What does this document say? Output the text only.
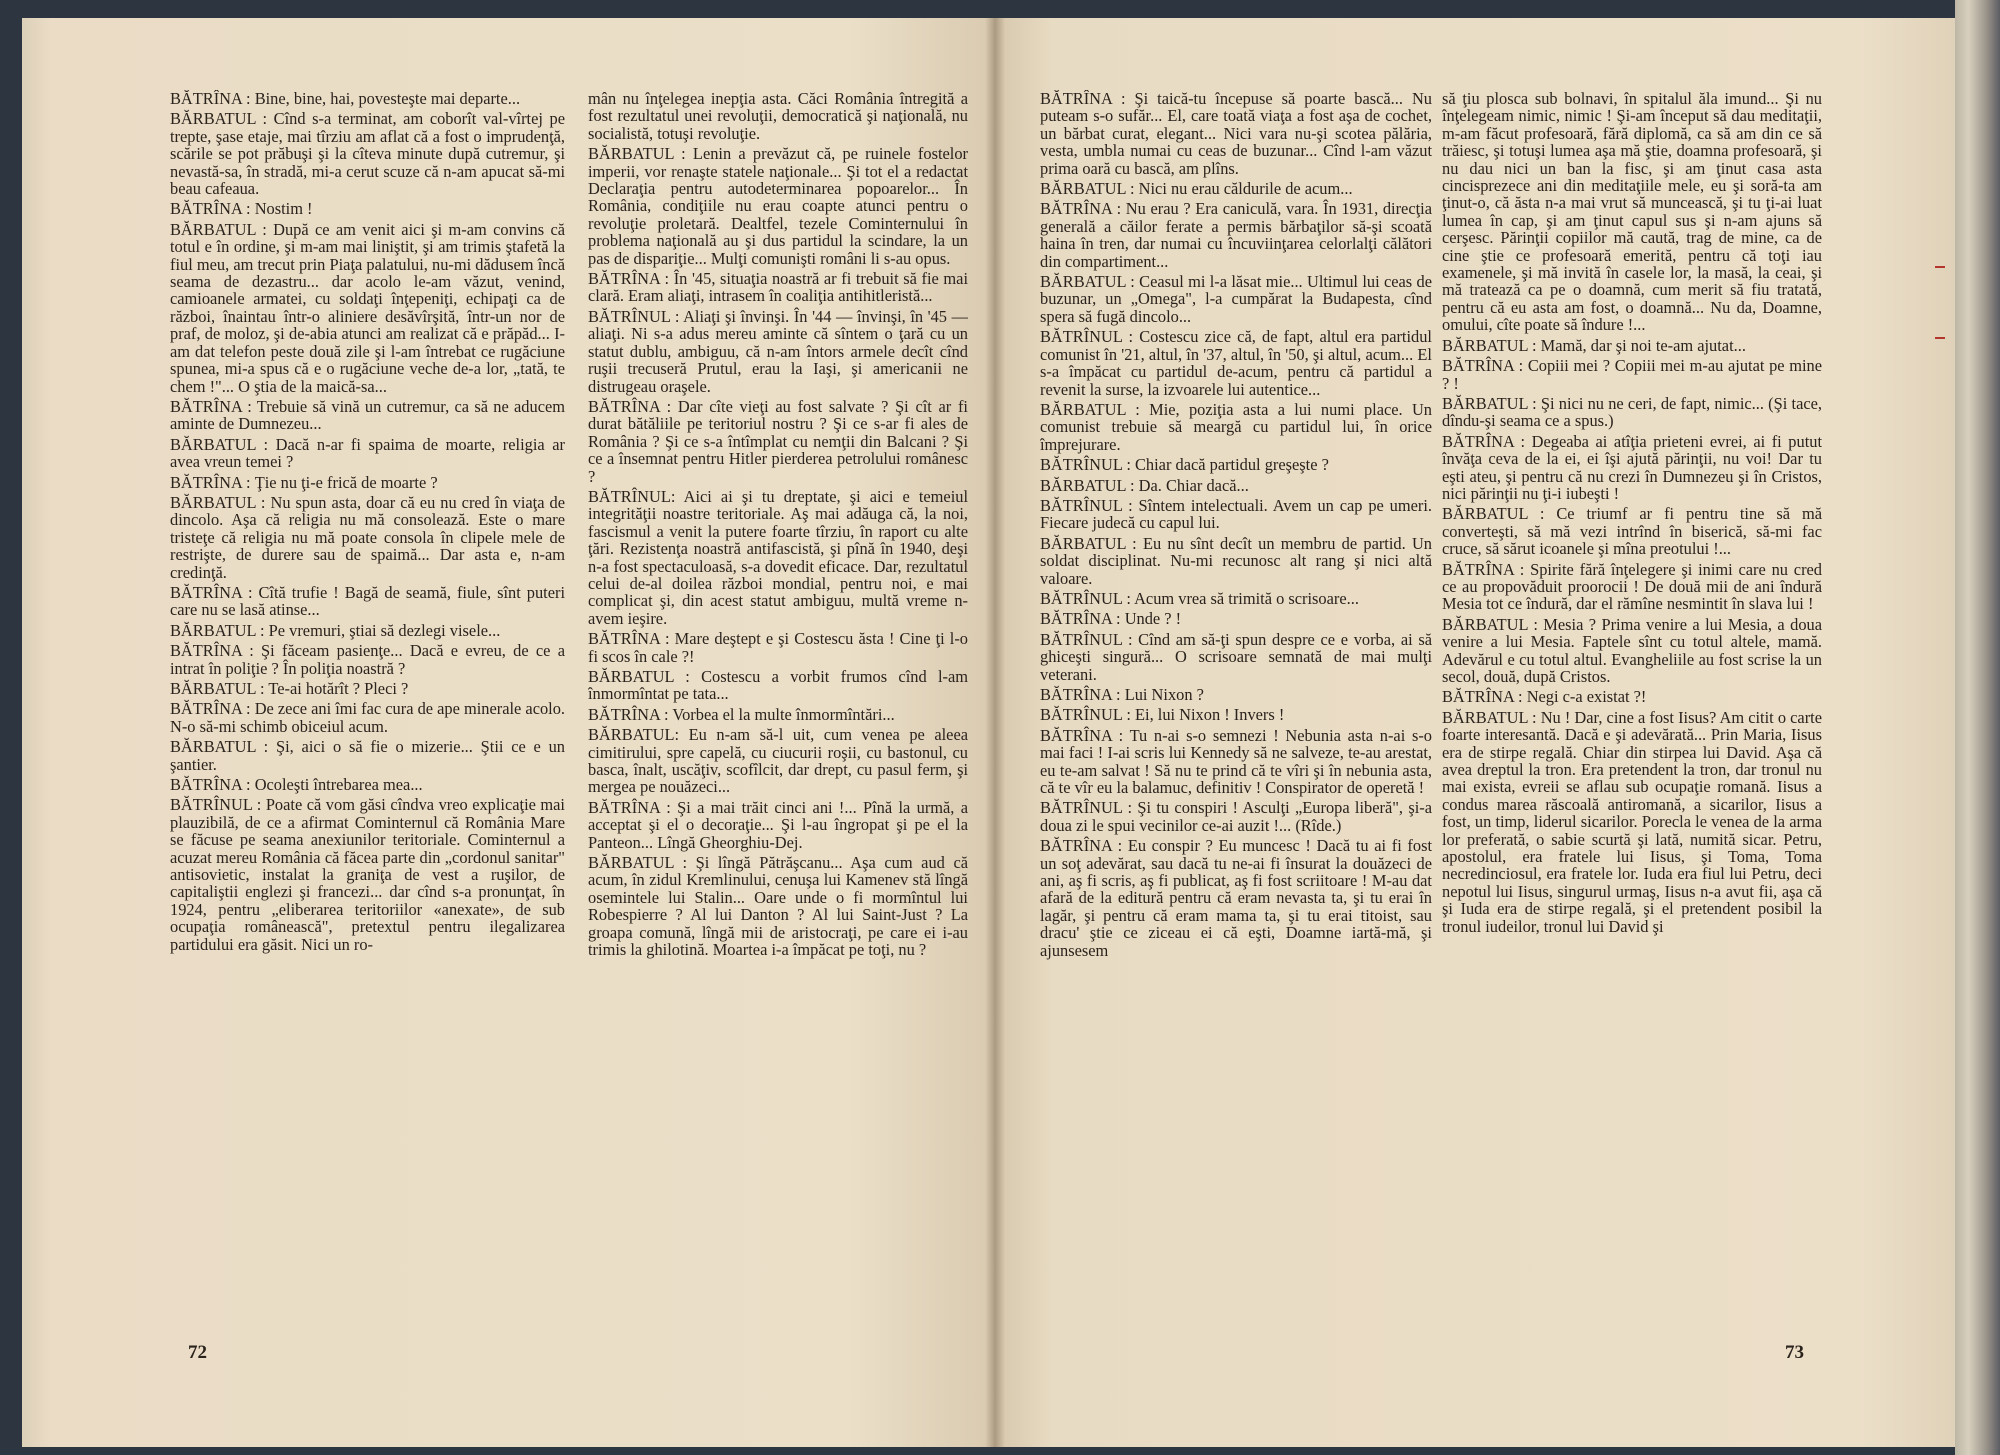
BĂTRÎNA : Bine, bine, hai, povesteşte mai departe...

BĂRBATUL : Cînd s-a terminat, am coborît val-vîrtej pe trepte, şase etaje, mai tîrziu am aflat că a fost o imprudenţă, scările se pot prăbuşi şi la cîteva minute după cutremur, şi nevastă-sa, în stradă, mi-a cerut scuze că n-am apucat să-mi beau cafeaua.

BĂTRÎNA : Nostim !

BĂRBATUL : După ce am venit aici şi m-am convins că totul e în ordine, şi m-am mai liniştit, şi am trimis ştafetă la fiul meu, am trecut prin Piaţa palatului, nu-mi dădusem încă seama de dezastru... dar acolo le-am văzut, venind, camioanele armatei, cu soldaţi înţepeniţi, echipaţi ca de război, înaintau într-o aliniere desăvîrşită, într-un nor de praf, de moloz, şi de-abia atunci am realizat că e prăpăd... I-am dat telefon peste două zile şi l-am întrebat ce rugăciune spunea, mi-a spus că e o rugăciune veche de-a lor, „tată, te chem !"... O ştia de la maică-sa...

BĂTRÎNA : Trebuie să vină un cutremur, ca să ne aducem aminte de Dumnezeu...

BĂRBATUL : Dacă n-ar fi spaima de moarte, religia ar avea vreun temei ?

BĂTRÎNA : Ţie nu ţi-e frică de moarte ?

BĂRBATUL : Nu spun asta, doar că eu nu cred în viaţa de dincolo. Aşa că religia nu mă consolează. Este o mare tristeţe că religia nu mă poate consola în clipele mele de restrişte, de durere sau de spaimă... Dar asta e, n-am credinţă.

BĂTRÎNA : Cîtă trufie ! Bagă de seamă, fiule, sînt puteri care nu se lasă atinse...

BĂRBATUL : Pe vremuri, ştiai să dezlegi visele...

BĂTRÎNA : Şi făceam pasienţe... Dacă e evreu, de ce a intrat în poliţie ? În poliţia noastră ?

BĂRBATUL : Te-ai hotărît ? Pleci ?

BĂTRÎNA : De zece ani îmi fac cura de ape minerale acolo. N-o să-mi schimb obiceiul acum.

BĂRBATUL : Şi, aici o să fie o mizerie... Ştii ce e un şantier.

BĂTRÎNA : Ocoleşti întrebarea mea...

BĂTRÎNUL : Poate că vom găsi cîndva vreo explicaţie mai plauzibilă, de ce a afirmat Cominternul că România Mare se făcuse pe seama anexiunilor teritoriale. Cominternul a acuzat mereu România că făcea parte din „cordonul sanitar" antisovietic, instalat la graniţa de vest a ruşilor, de capitaliştii englezi şi francezi... dar cînd s-a pronunţat, în 1924, pentru „eliberarea teritoriilor «anexate», de sub ocupaţia românească", pretextul pentru ilegalizarea partidului era găsit. Nici un ro-

mân nu înţelegea inepţia asta. Căci România întregită a fost rezultatul unei revoluţii, democratică şi naţională, nu socialistă, totuşi revoluţie.

BĂRBATUL : Lenin a prevăzut că, pe ruinele fostelor imperii, vor renaşte statele naţionale... Şi tot el a redactat Declaraţia pentru autodeterminarea popoarelor... În România, condiţiile nu erau coapte atunci pentru o revoluţie proletară. Dealtfel, tezele Cominternului în problema naţională au şi dus partidul la scindare, la un pas de dispariţie... Mulţi comunişti români li s-au opus.

BĂTRÎNA : În '45, situaţia noastră ar fi trebuit să fie mai clară. Eram aliaţi, intrasem în coaliţia antihitleristă...

BĂTRÎNUL : Aliaţi şi învinşi. În '44 — învinşi, în '45 — aliaţi. Ni s-a adus mereu aminte că sîntem o ţară cu un statut dublu, ambiguu, că n-am întors armele decît cînd ruşii trecuseră Prutul, erau la Iaşi, şi americanii ne distrugeau oraşele.

BĂTRÎNA : Dar cîte vieţi au fost salvate ? Şi cît ar fi durat bătăliile pe teritoriul nostru ? Şi ce s-ar fi ales de România ? Şi ce s-a întîmplat cu nemţii din Balcani ? Şi ce a însemnat pentru Hitler pierderea petrolului românesc ?

BĂTRÎNUL: Aici ai şi tu dreptate, şi aici e temeiul integrităţii noastre teritoriale. Aş mai adăuga că, la noi, fascismul a venit la putere foarte tîrziu, în raport cu alte ţări. Rezistenţa noastră antifascistă, şi pînă în 1940, deşi n-a fost spectaculoasă, s-a dovedit eficace. Dar, rezultatul celui de-al doilea război mondial, pentru noi, e mai complicat şi, din acest statut ambiguu, multă vreme n-avem ieşire.

BĂTRÎNA : Mare deştept e şi Costescu ăsta ! Cine ţi l-o fi scos în cale ?!

BĂRBATUL : Costescu a vorbit frumos cînd l-am înmormîntat pe tata...

BĂTRÎNA : Vorbea el la multe înmormîntări...

BĂRBATUL: Eu n-am să-l uit, cum venea pe aleea cimitirului, spre capelă, cu ciucurii roşii, cu bastonul, cu basca, înalt, uscăţiv, scofîlcit, dar drept, cu pasul ferm, şi mergea pe nouăzeci...

BĂTRÎNA : Şi a mai trăit cinci ani !... Pînă la urmă, a acceptat şi el o decoraţie... Şi l-au îngropat şi pe el la Panteon... Lîngă Gheorghiu-Dej.

BĂRBATUL : Şi lîngă Pătrăşcanu... Aşa cum aud că acum, în zidul Kremlinului, cenuşa lui Kamenev stă lîngă osemintele lui Stalin... Oare unde o fi mormîntul lui Robespierre ? Al lui Danton ? Al lui Saint-Just ? La groapa comună, lîngă mii de aristocraţi, pe care ei i-au trimis la ghilotină. Moartea i-a împăcat pe toţi, nu ?

BĂTRÎNA : Şi taică-tu începuse să poarte bască... Nu puteam s-o sufăr... El, care toată viaţa a fost aşa de cochet, un bărbat curat, elegant... Nici vara nu-şi scotea pălăria, vesta, umbla numai cu ceas de buzunar... Cînd l-am văzut prima oară cu bască, am plîns.

BĂRBATUL : Nici nu erau căldurile de acum...

BĂTRÎNA : Nu erau ? Era caniculă, vara. În 1931, direcţia generală a căilor ferate a permis bărbaţilor să-şi scoată haina în tren, dar numai cu încuviinţarea celorlalţi călători din compartiment...

BĂRBATUL : Ceasul mi l-a lăsat mie... Ultimul lui ceas de buzunar, un „Omega", l-a cumpărat la Budapesta, cînd spera să fugă dincolo...

BĂTRÎNUL : Costescu zice că, de fapt, altul era partidul comunist în '21, altul, în '37, altul, în '50, şi altul, acum... El s-a împăcat cu partidul de-acum, pentru că partidul a revenit la surse, la izvoarele lui autentice...

BĂRBATUL : Mie, poziţia asta a lui numi place. Un comunist trebuie să meargă cu partidul lui, în orice împrejurare.

BĂTRÎNUL : Chiar dacă partidul greşeşte ?

BĂRBATUL : Da. Chiar dacă...

BĂTRÎNUL : Sîntem intelectuali. Avem un cap pe umeri. Fiecare judecă cu capul lui.

BĂRBATUL : Eu nu sînt decît un membru de partid. Un soldat disciplinat. Nu-mi recunosc alt rang şi nici altă valoare.

BĂTRÎNUL : Acum vrea să trimită o scrisoare...

BĂTRÎNA : Unde ? !

BĂTRÎNUL : Cînd am să-ţi spun despre ce e vorba, ai să ghiceşti singură... O scrisoare semnată de mai mulţi veterani.

BĂTRÎNA : Lui Nixon ?

BĂTRÎNUL : Ei, lui Nixon ! Invers !

BĂTRÎNA : Tu n-ai s-o semnezi ! Nebunia asta n-ai s-o mai faci ! I-ai scris lui Kennedy să ne salveze, te-au arestat, eu te-am salvat ! Să nu te prind că te vîri şi în nebunia asta, că te vîr eu la balamuc, definitiv ! Conspirator de operetă !

BĂTRÎNUL : Şi tu conspiri ! Asculţi „Europa liberă", şi-a doua zi le spui vecinilor ce-ai auzit !... (Rîde.)

BĂTRÎNA : Eu conspir ? Eu muncesc ! Dacă tu ai fi fost un soţ adevărat, sau dacă tu ne-ai fi însurat la douăzeci de ani, aş fi scris, aş fi publicat, aş fi fost scriitoare ! M-au dat afară de la editură pentru că eram nevasta ta, şi tu erai în lagăr, şi pentru că eram mama ta, şi tu erai titoist, sau dracu' ştie ce ziceau ei că eşti, Doamne iartă-mă, şi ajunsesem

să ţiu plosca sub bolnavi, în spitalul ăla imund... Şi nu înţelegeam nimic, nimic ! Şi-am început să dau meditaţii, m-am făcut profesoară, fără diplomă, ca să am din ce să trăiesc, şi totuşi lumea aşa mă ştie, doamna profesoară, şi nu dau nici un ban la fisc, şi am ţinut casa asta cincisprezece ani din meditaţiile mele, eu şi soră-ta am ţinut-o, că ăsta n-a mai vrut să muncească, şi tu ţi-ai luat lumea în cap, şi am ţinut capul sus şi n-am ajuns să cerşesc. Părinţii copiilor mă caută, trag de mine, ca de cine ştie ce profesoară emerită, pentru că toţi iau examenele, şi mă invită în casele lor, la masă, la ceai, şi mă tratează ca pe o doamnă, cum merit să fiu tratată, pentru că eu asta am fost, o doamnă... Nu da, Doamne, omului, cîte poate să îndure !...

BĂRBATUL : Mamă, dar şi noi te-am ajutat...

BĂTRÎNA : Copiii mei ? Copiii mei m-au ajutat pe mine ? !

BĂRBATUL : Şi nici nu ne ceri, de fapt, nimic... (Şi tace, dîndu-şi seama ce a spus.)

BĂTRÎNA : Degeaba ai atîţia prieteni evrei, ai fi putut învăţa ceva de la ei, ei îşi ajută părinţii, nu voi! Dar tu eşti ateu, şi pentru că nu crezi în Dumnezeu şi în Cristos, nici părinţii nu ţi-i iubeşti !

BĂRBATUL : Ce triumf ar fi pentru tine să mă converteşti, să mă vezi intrînd în biserică, să-mi fac cruce, să sărut icoanele şi mîna preotului !...

BĂTRÎNA : Spirite fără înţelegere şi inimi care nu cred ce au propovăduit proorocii ! De două mii de ani îndură Mesia tot ce îndură, dar el rămîne nesmintit în slava lui !

BĂRBATUL : Mesia ? Prima venire a lui Mesia, a doua venire a lui Mesia. Faptele sînt cu totul altele, mamă. Adevărul e cu totul altul. Evangheliile au fost scrise la un secol, două, după Cristos.

BĂTRÎNA : Negi c-a existat ?!

BĂRBATUL : Nu ! Dar, cine a fost Iisus? Am citit o carte foarte interesantă. Dacă e şi adevărată... Prin Maria, Iisus era de stirpe regală. Chiar din stirpea lui David. Aşa că avea dreptul la tron. Era pretendent la tron, dar tronul nu mai exista, evreii se aflau sub ocupaţie romană. Iisus a condus marea răscoală antiromană, a sicarilor, Iisus a fost, un timp, liderul sicarilor. Porecla le venea de la arma lor preferată, o sabie scurtă şi lată, numită sicar. Petru, apostolul, era fratele lui Iisus, şi Toma, Toma necredinciosul, era fratele lor. Iuda era fiul lui Petru, deci nepotul lui Iisus, singurul urmaş, Iisus n-a avut fii, aşa că şi Iuda era de stirpe regală, şi el pretendent posibil la tronul iudeilor, tronul lui David şi

72	73
